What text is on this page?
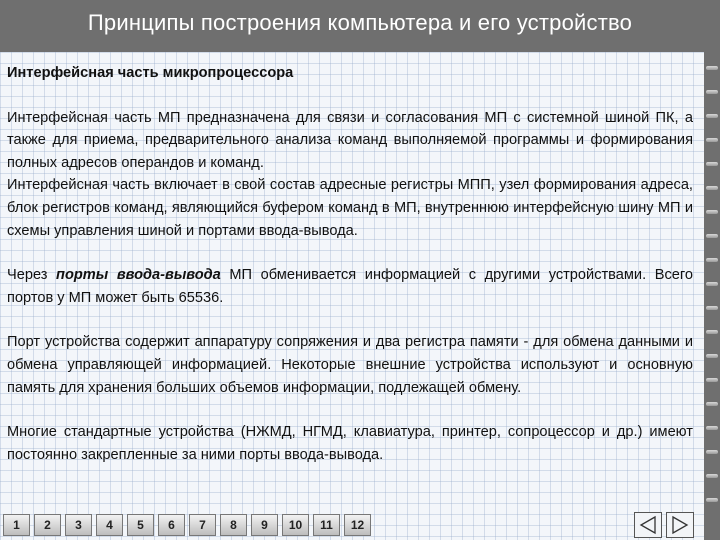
Принципы построения компьютера и его устройство

Интерфейсная часть микропроцессора

Интерфейсная часть МП предназначена для связи и согласования МП с системной шиной ПК, а также для приема, предварительного анализа команд выполняемой программы и формирования полных адресов операндов и команд.

Интерфейсная часть включает в свой состав адресные регистры МПП, узел формирования адреса, блок регистров команд, являющийся буфером команд в МП, внутреннюю интерфейсную шину МП и схемы управления шиной и портами ввода-вывода.

Через порты ввода-вывода МП обменивается информацией с другими устройствами. Всего портов у МП может быть 65536.

Порт устройства содержит аппаратуру сопряжения и два регистра памяти - для обмена данными и обмена управляющей информацией. Некоторые внешние устройства используют и основную память для хранения больших объемов информации, подлежащей обмену.

Многие стандартные устройства (НЖМД, НГМД, клавиатура, принтер, сопроцессор и др.) имеют постоянно закрепленные за ними порты ввода-вывода.

1	2	3	4	5	6	7	8	9	10	11	12
